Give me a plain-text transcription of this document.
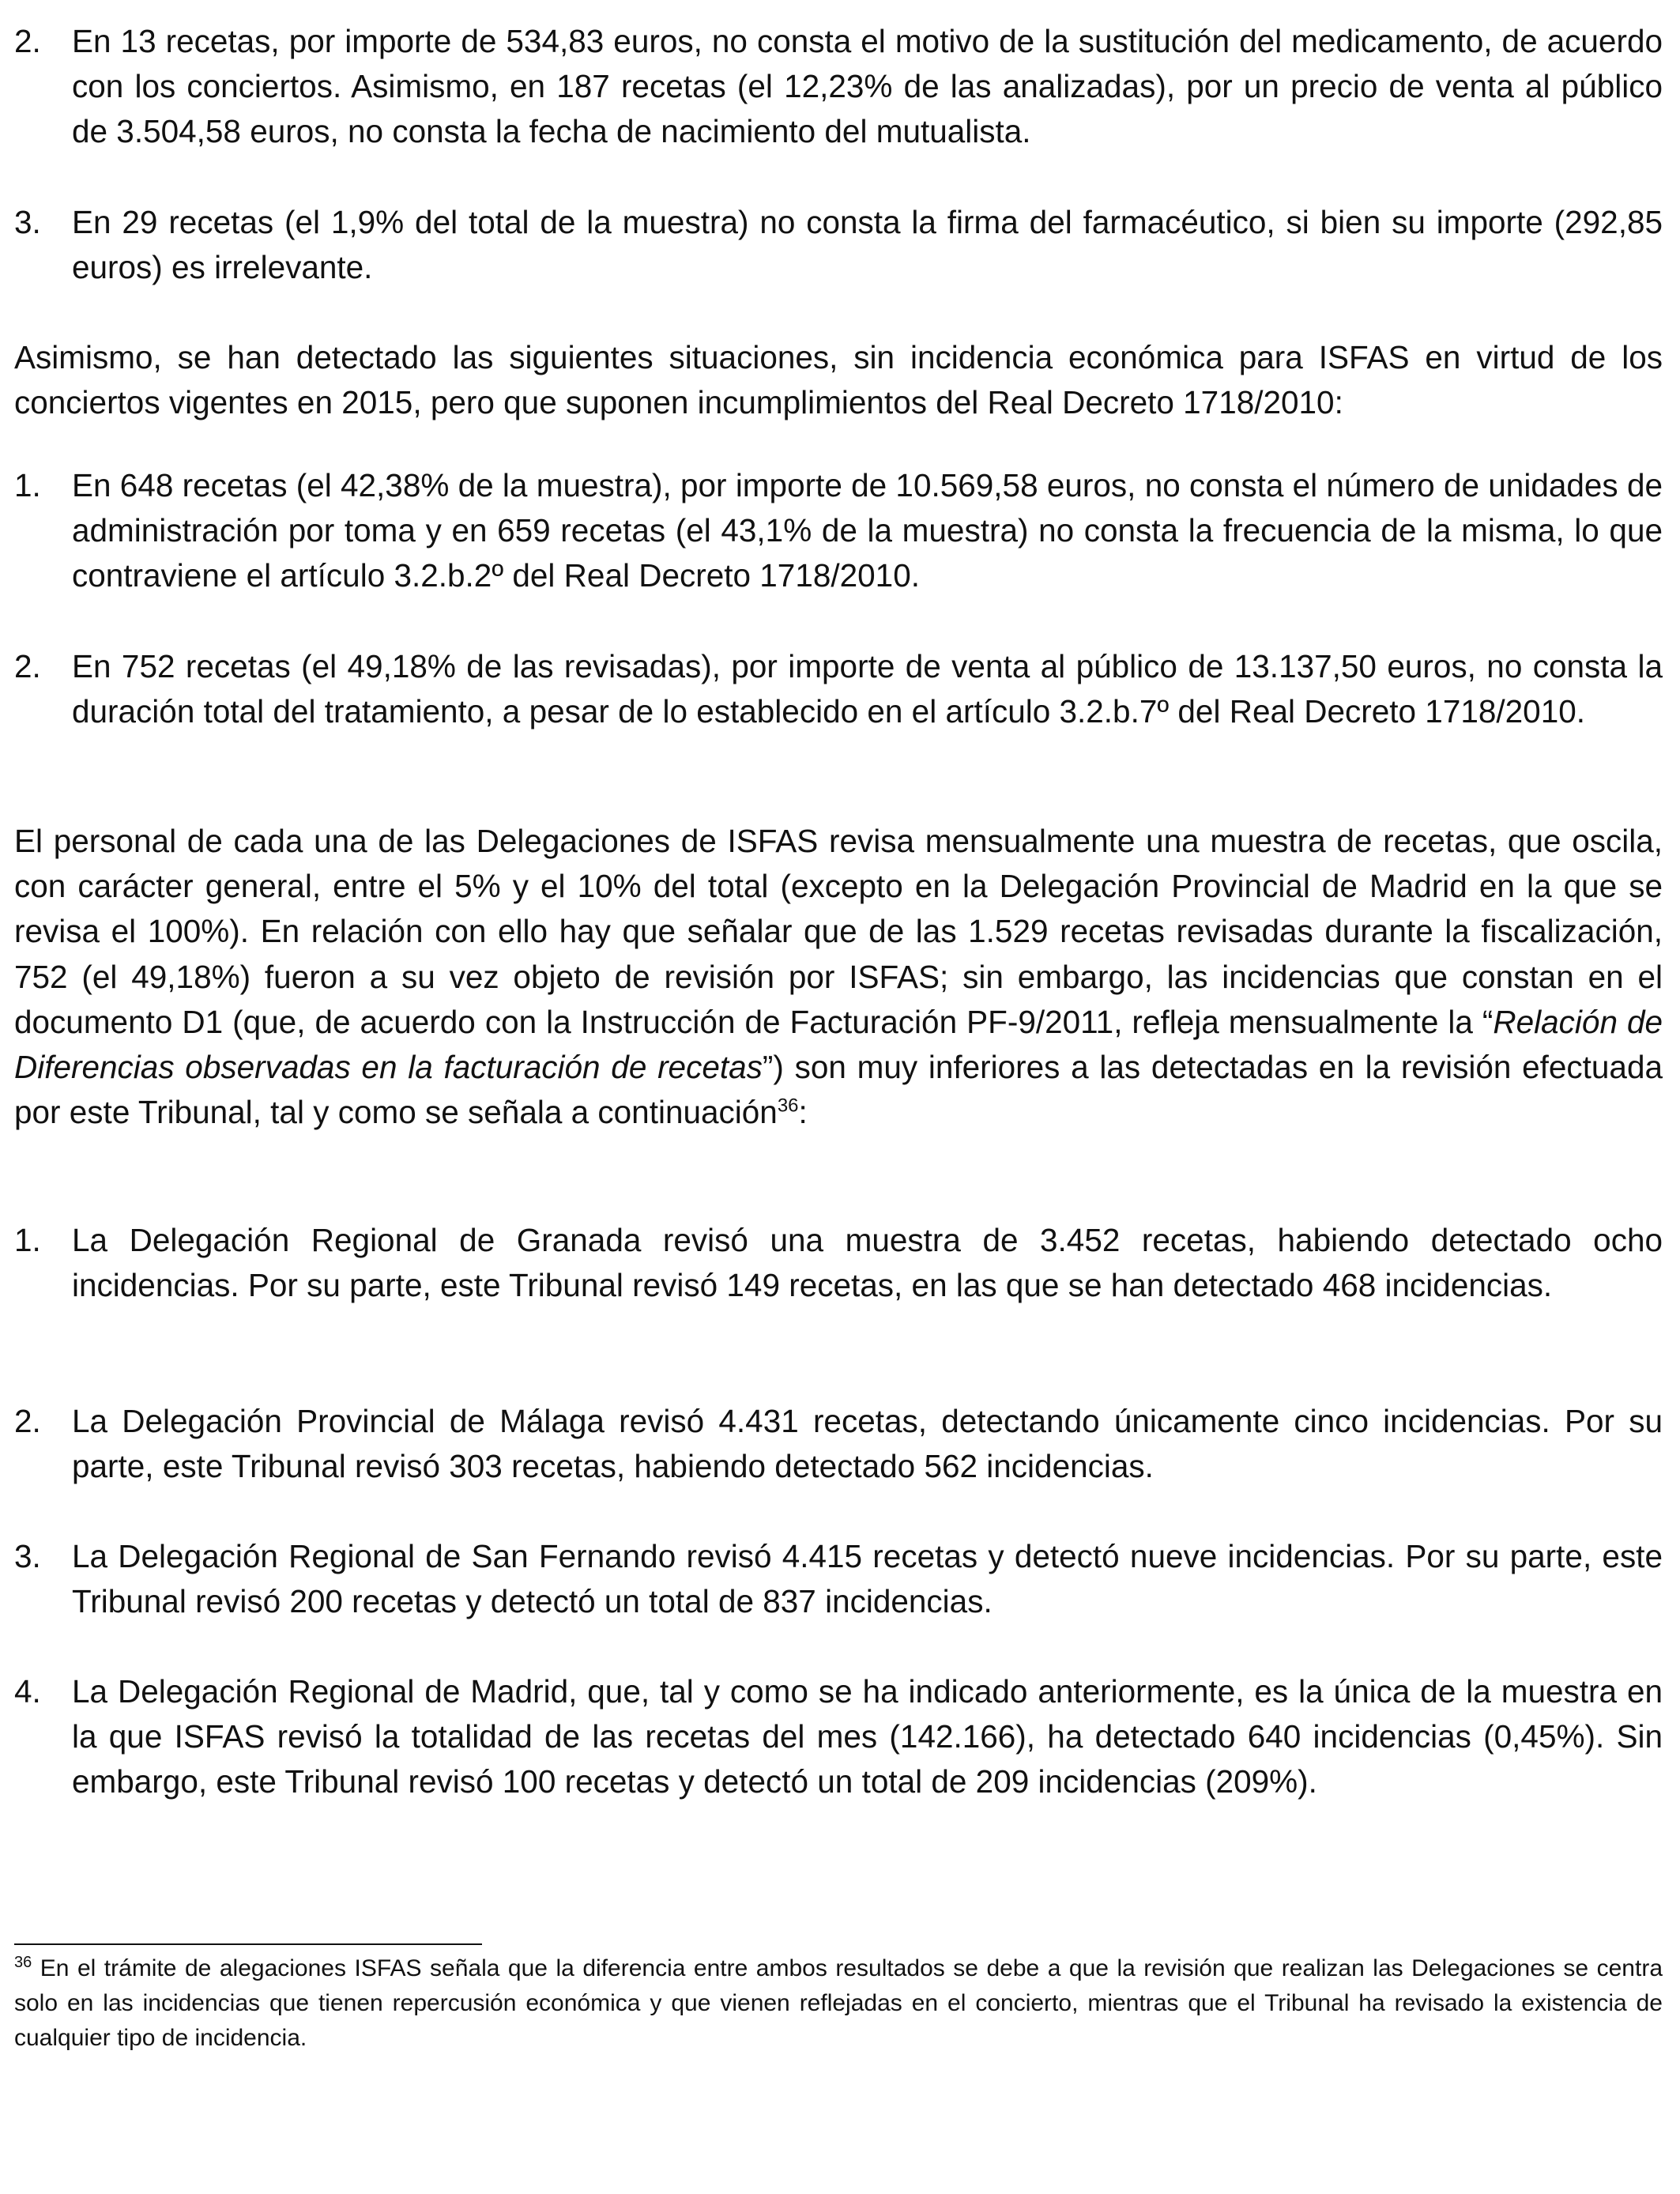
2. En 13 recetas, por importe de 534,83 euros, no consta el motivo de la sustitución del medicamento, de acuerdo con los conciertos. Asimismo, en 187 recetas (el 12,23% de las analizadas), por un precio de venta al público de 3.504,58 euros, no consta la fecha de nacimiento del mutualista.

3. En 29 recetas (el 1,9% del total de la muestra) no consta la firma del farmacéutico, si bien su importe (292,85 euros) es irrelevante.

Asimismo, se han detectado las siguientes situaciones, sin incidencia económica para ISFAS en virtud de los conciertos vigentes en 2015, pero que suponen incumplimientos del Real Decreto 1718/2010:

1. En 648 recetas (el 42,38% de la muestra), por importe de 10.569,58 euros, no consta el número de unidades de administración por toma y en 659 recetas (el 43,1% de la muestra) no consta la frecuencia de la misma, lo que contraviene el artículo 3.2.b.2º del Real Decreto 1718/2010.

2. En 752 recetas (el 49,18% de las revisadas), por importe de venta al público de 13.137,50 euros, no consta la duración total del tratamiento, a pesar de lo establecido en el artículo 3.2.b.7º del Real Decreto 1718/2010.

El personal de cada una de las Delegaciones de ISFAS revisa mensualmente una muestra de recetas, que oscila, con carácter general, entre el 5% y el 10% del total (excepto en la Delegación Provincial de Madrid en la que se revisa el 100%). En relación con ello hay que señalar que de las 1.529 recetas revisadas durante la fiscalización, 752 (el 49,18%) fueron a su vez objeto de revisión por ISFAS; sin embargo, las incidencias que constan en el documento D1 (que, de acuerdo con la Instrucción de Facturación PF-9/2011, refleja mensualmente la “Relación de Diferencias observadas en la facturación de recetas”) son muy inferiores a las detectadas en la revisión efectuada por este Tribunal, tal y como se señala a continuación$^{36}$:

1. La Delegación Regional de Granada revisó una muestra de 3.452 recetas, habiendo detectado ocho incidencias. Por su parte, este Tribunal revisó 149 recetas, en las que se han detectado 468 incidencias.

2. La Delegación Provincial de Málaga revisó 4.431 recetas, detectando únicamente cinco incidencias. Por su parte, este Tribunal revisó 303 recetas, habiendo detectado 562 incidencias.

3. La Delegación Regional de San Fernando revisó 4.415 recetas y detectó nueve incidencias. Por su parte, este Tribunal revisó 200 recetas y detectó un total de 837 incidencias.

4. La Delegación Regional de Madrid, que, tal y como se ha indicado anteriormente, es la única de la muestra en la que ISFAS revisó la totalidad de las recetas del mes (142.166), ha detectado 640 incidencias (0,45%). Sin embargo, este Tribunal revisó 100 recetas y detectó un total de 209 incidencias (209%).

$^{36}$ En el trámite de alegaciones ISFAS señala que la diferencia entre ambos resultados se debe a que la revisión que realizan las Delegaciones se centra solo en las incidencias que tienen repercusión económica y que vienen reflejadas en el concierto, mientras que el Tribunal ha revisado la existencia de cualquier tipo de incidencia.
